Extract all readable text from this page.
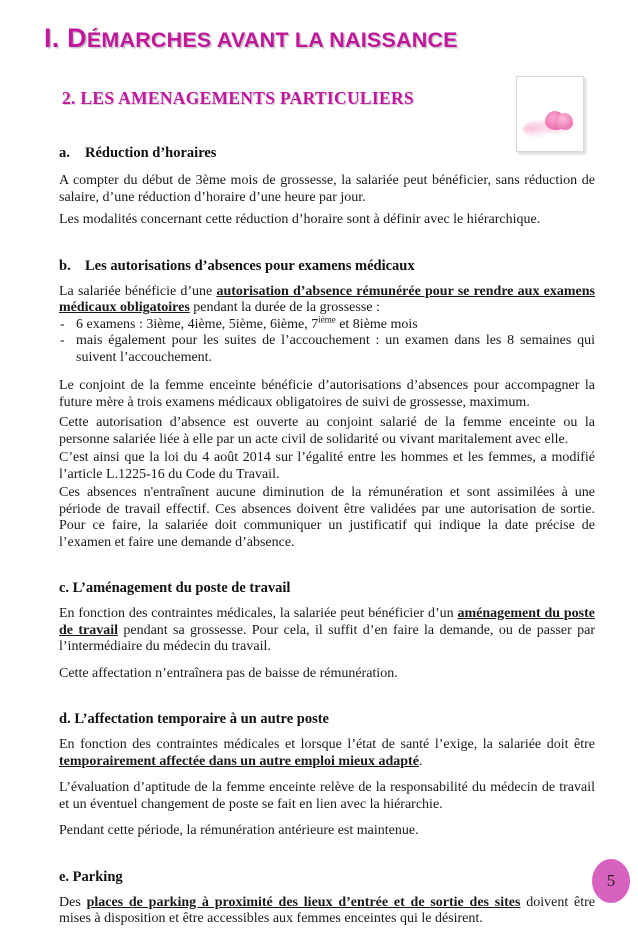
I. DÉMARCHES AVANT LA NAISSANCE
2. LES AMENAGEMENTS PARTICULIERS
a. Réduction d’horaires

A compter du début de 3ème mois de grossesse, la salariée peut bénéficier, sans réduction de salaire, d’une réduction d’horaire d’une heure par jour.

Les modalités concernant cette réduction d’horaire sont à définir avec le hiérarchique.

b. Les autorisations d’absences pour examens médicaux

La salariée bénéficie d’une autorisation d’absence rémunérée pour se rendre aux examens médicaux obligatoires pendant la durée de la grossesse :

- 6 examens : 3ième, 4ième, 5ième, 6ième, 7ième et 8ième mois
- mais également pour les suites de l’accouchement : un examen dans les 8 semaines qui suivent l’accouchement.

Le conjoint de la femme enceinte bénéficie d’autorisations d’absences pour accompagner la future mère à trois examens médicaux obligatoires de suivi de grossesse, maximum.

Cette autorisation d’absence est ouverte au conjoint salarié de la femme enceinte ou la personne salariée liée à elle par un acte civil de solidarité ou vivant maritalement avec elle.

C’est ainsi que la loi du 4 août 2014 sur l’égalité entre les hommes et les femmes, a modifié l’article L.1225-16 du Code du Travail.

Ces absences n'entraînent aucune diminution de la rémunération et sont assimilées à une période de travail effectif. Ces absences doivent être validées par une autorisation de sortie. Pour ce faire, la salariée doit communiquer un justificatif qui indique la date précise de l’examen et faire une demande d’absence.

c. L’aménagement du poste de travail

En fonction des contraintes médicales, la salariée peut bénéficier d’un aménagement du poste de travail pendant sa grossesse. Pour cela, il suffit d’en faire la demande, ou de passer par l’intermédiaire du médecin du travail.

Cette affectation n’entraînera pas de baisse de rémunération.

d. L’affectation temporaire à un autre poste

En fonction des contraintes médicales et lorsque l’état de santé l’exige, la salariée doit être temporairement affectée dans un autre emploi mieux adapté.

L’évaluation d’aptitude de la femme enceinte relève de la responsabilité du médecin de travail et un éventuel changement de poste se fait en lien avec la hiérarchie.

Pendant cette période, la rémunération antérieure est maintenue.

e. Parking

Des places de parking à proximité des lieux d’entrée et de sortie des sites doivent être mises à disposition et être accessibles aux femmes enceintes qui le désirent.

5
